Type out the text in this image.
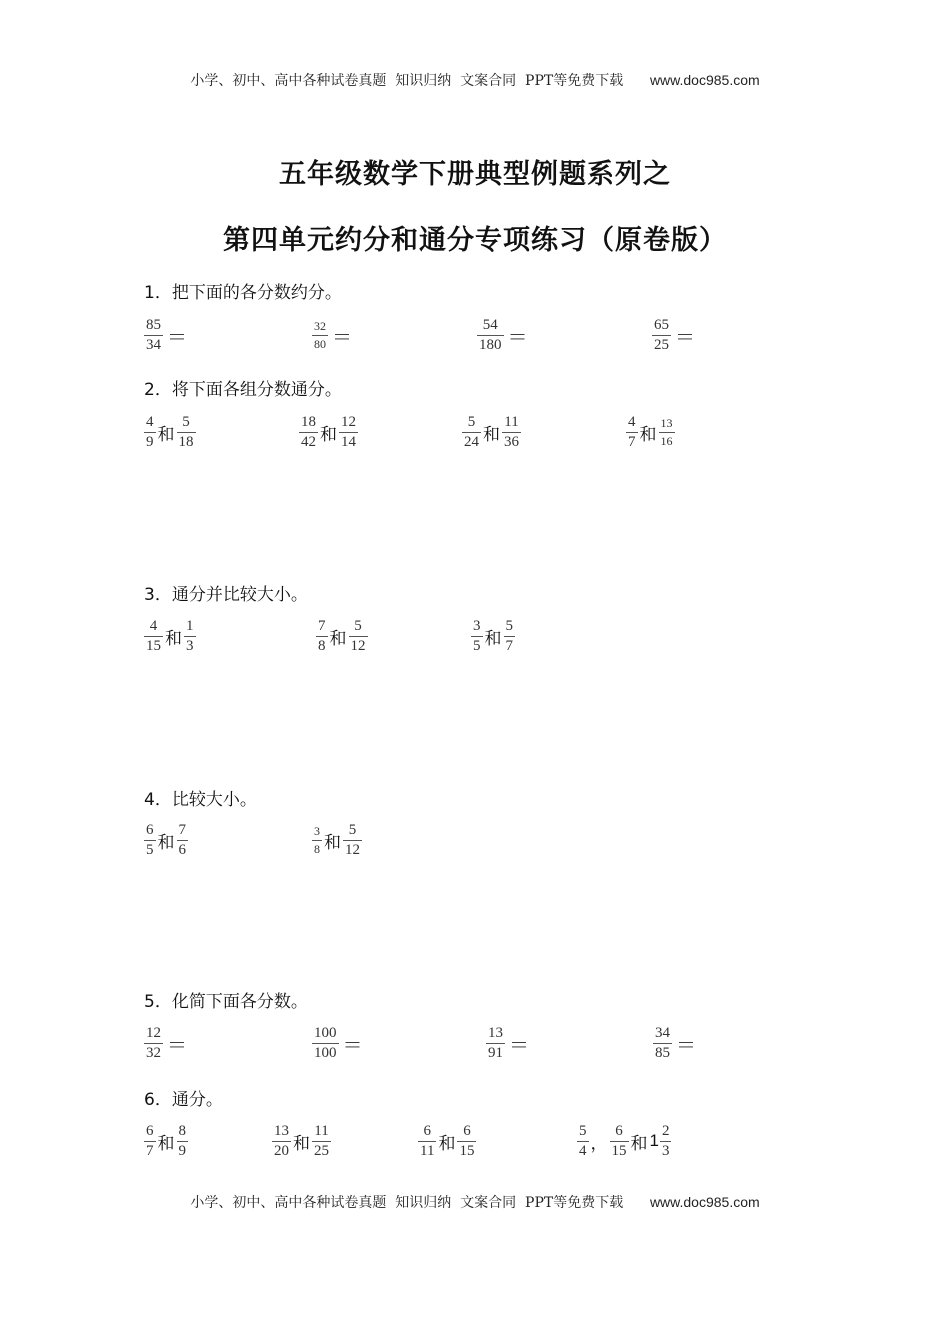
小学、初中、高中各种试卷真题  知识归纳  文案合同  PPT等免费下载 www.doc985.com
五年级数学下册典型例题系列之
第四单元约分和通分专项练习（原卷版）
1．把下面的各分数约分。
$\frac{85}{34}$ ＝	$\frac{32}{80}$ ＝	$\frac{54}{180}$ ＝	$\frac{65}{25}$ ＝
2．将下面各组分数通分。
$\frac{4}{9}$ 和 $\frac{5}{18}$	$\frac{18}{42}$ 和 $\frac{12}{14}$	$\frac{5}{24}$ 和 $\frac{11}{36}$	$\frac{4}{7}$ 和 $\frac{13}{16}$
3．通分并比较大小。
$\frac{4}{15}$ 和 $\frac{1}{3}$	$\frac{7}{8}$ 和 $\frac{5}{12}$	$\frac{3}{5}$ 和 $\frac{5}{7}$
4．比较大小。
$\frac{6}{5}$ 和 $\frac{7}{6}$	$\frac{3}{8}$ 和 $\frac{5}{12}$
5．化简下面各分数。
$\frac{12}{32}$ ＝	$\frac{100}{100}$ ＝	$\frac{13}{91}$ ＝	$\frac{34}{85}$ ＝
6．通分。
$\frac{6}{7}$ 和 $\frac{8}{9}$	$\frac{13}{20}$ 和 $\frac{11}{25}$	$\frac{6}{11}$ 和 $\frac{6}{15}$	$\frac{5}{4}$ ， $\frac{6}{15}$ 和 $1 \frac{2}{3}$
小学、初中、高中各种试卷真题  知识归纳  文案合同  PPT等免费下载 www.doc985.com
